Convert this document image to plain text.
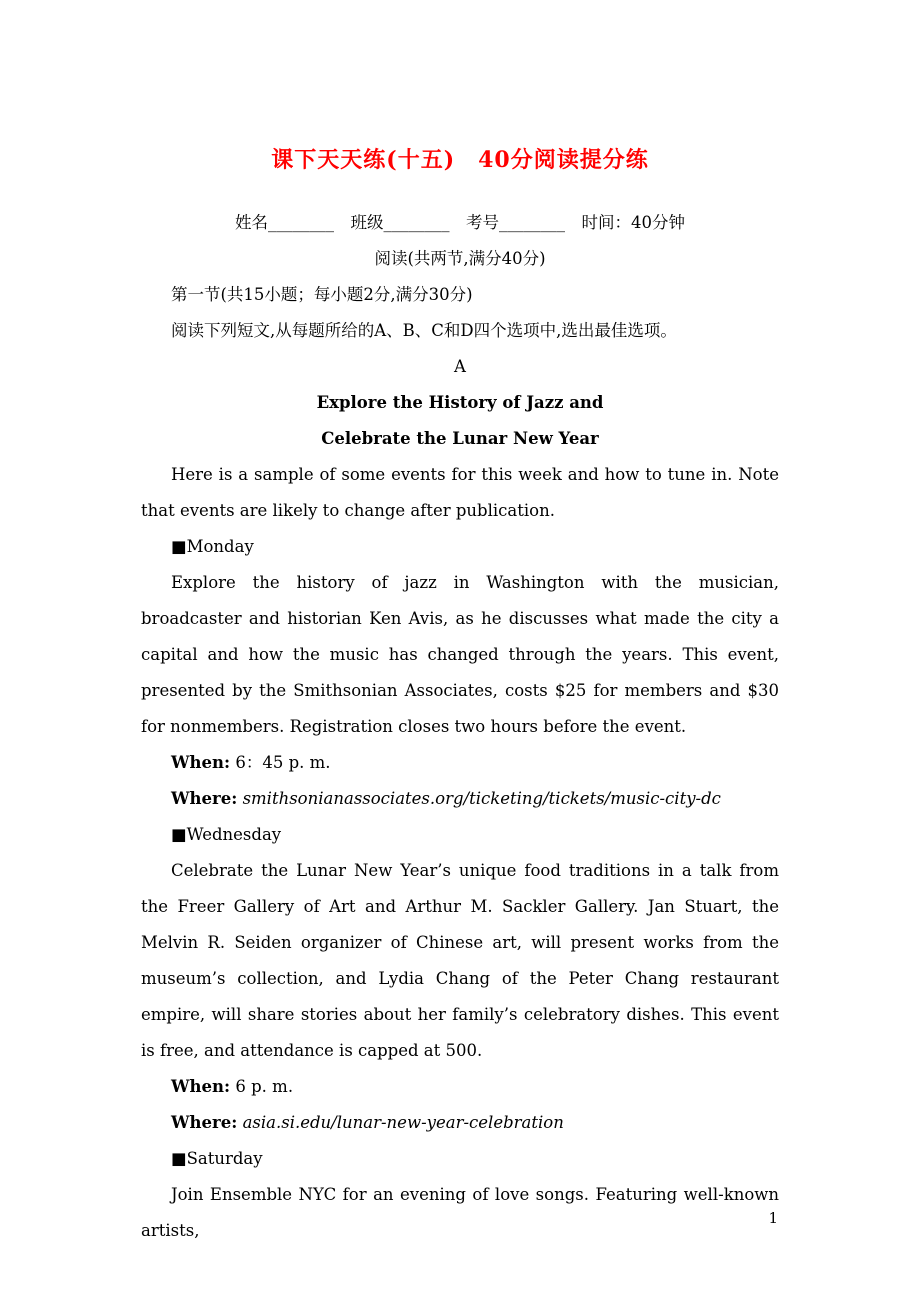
课下天天练(十五)　40分阅读提分练
姓名________　班级________　考号________　时间：40分钟
阅读(共两节,满分40分)

第一节(共15小题；每小题2分,满分30分)

阅读下列短文,从每题所给的A、B、C和D四个选项中,选出最佳选项。

A
Explore the History of Jazz and
Celebrate the Lunar New Year

Here is a sample of some events for this week and how to tune in. Note that events are likely to change after publication.

■Monday

Explore the history of jazz in Washington with the musician, broadcaster and historian Ken Avis, as he discusses what made the city a capital and how the music has changed through the years. This event, presented by the Smithsonian Associates, costs $25 for members and $30 for nonmembers. Registration closes two hours before the event.

When: 6：45 p. m.

Where: smithsonianassociates.org/ticketing/tickets/music-city-dc

■Wednesday

Celebrate the Lunar New Year’s unique food traditions in a talk from the Freer Gallery of Art and Arthur M. Sackler Gallery. Jan Stuart, the Melvin R. Seiden organizer of Chinese art, will present works from the museum’s collection, and Lydia Chang of the Peter Chang restaurant empire, will share stories about her family’s celebratory dishes. This event is free, and attendance is capped at 500.

When: 6 p. m.

Where: asia.si.edu/lunar-new-year-celebration

■Saturday

Join Ensemble NYC for an evening of love songs. Featuring well-known artists,

1
